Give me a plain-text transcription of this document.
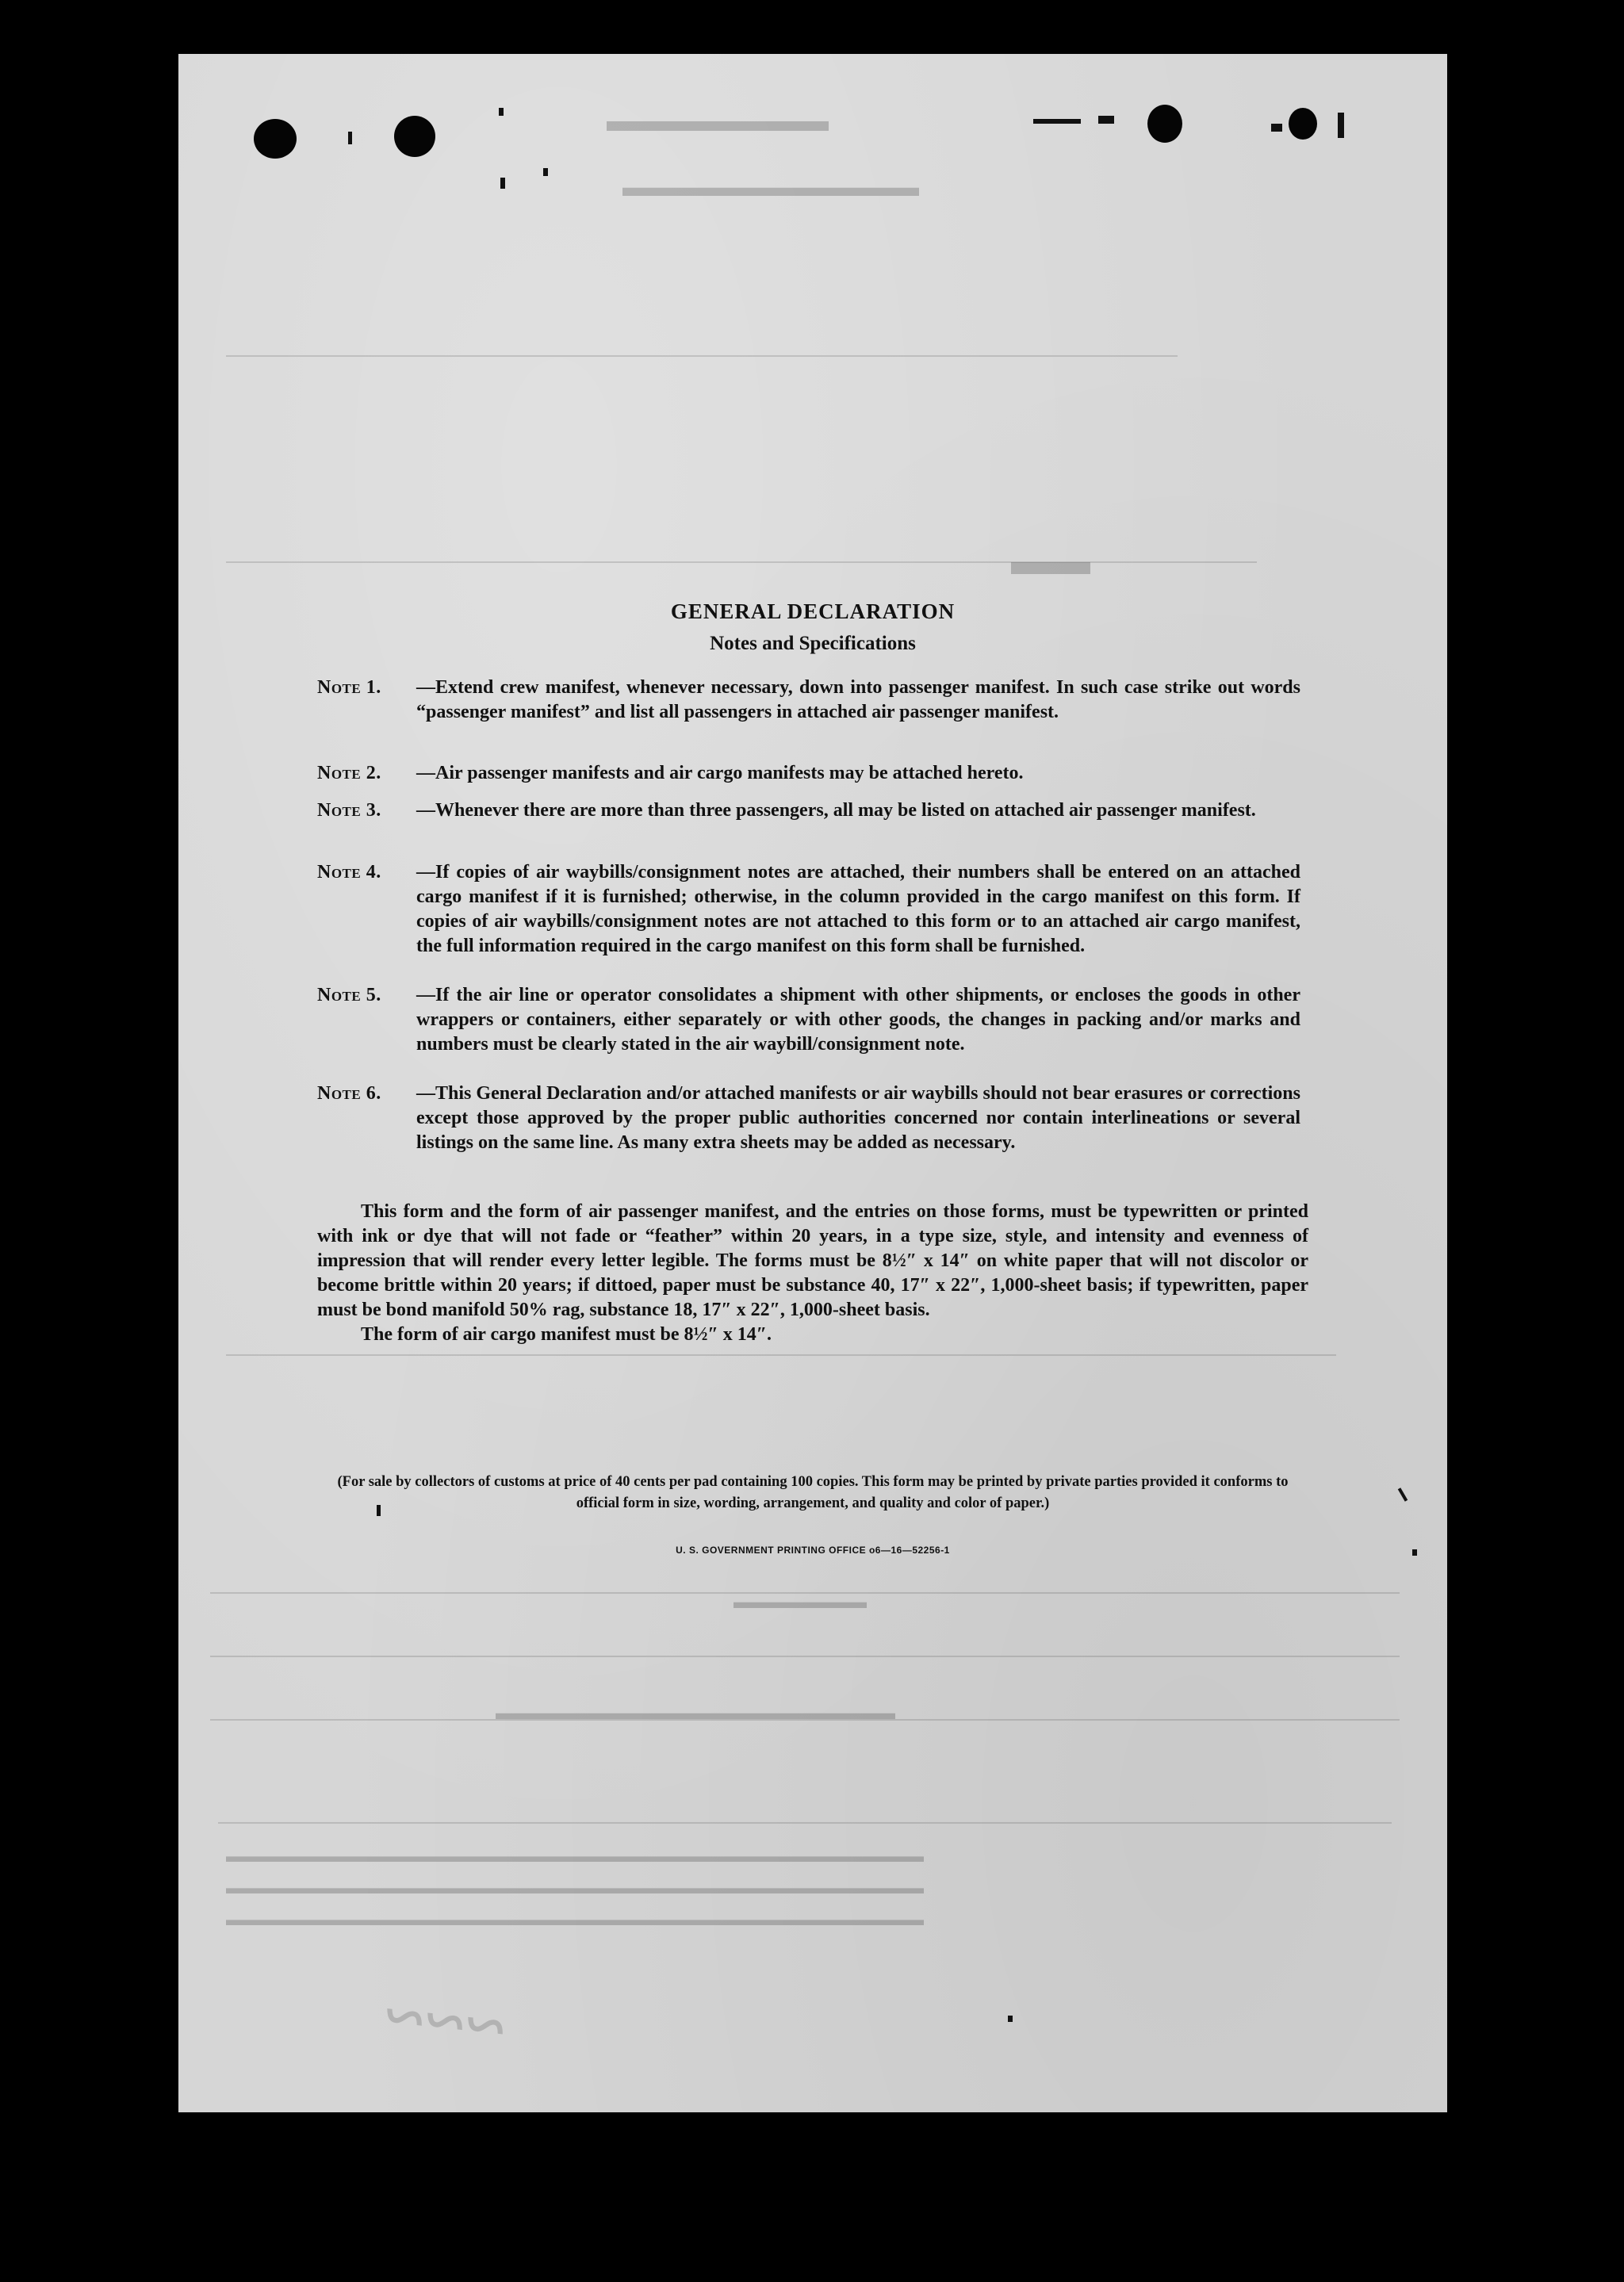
▬▬▬▬▬▬▬
▬▬▬▬▬▬▬▬▬▬▬
▬▬
▬▬▬▬▬▬▬
▬▬▬▬▬▬▬▬▬▬▬▬▬▬▬▬▬▬▬▬▬
▬▬▬▬▬▬▬▬▬▬▬▬▬▬▬▬▬▬▬▬▬▬▬▬▬▬▬▬▬▬▬▬▬▬▬▬▬▬▬▬
▬▬▬▬▬▬▬▬▬▬▬▬▬▬▬▬▬▬▬▬▬▬▬▬▬▬▬▬▬▬▬▬▬▬▬▬▬▬▬▬
▬▬▬▬▬▬▬▬▬▬▬▬▬▬▬▬▬▬▬▬▬▬▬▬▬▬▬▬▬▬▬▬▬▬▬▬▬▬▬▬
~~~
GENERAL DECLARATION
Notes and Specifications
Note 1.	—Extend crew manifest, whenever necessary, down into passenger manifest. In such case strike out words “passenger manifest” and list all passengers in attached air passenger manifest.
Note 2.	—Air passenger manifests and air cargo manifests may be attached hereto.
Note 3.	—Whenever there are more than three passengers, all may be listed on attached air passenger manifest.
Note 4.	—If copies of air waybills/consignment notes are attached, their numbers shall be entered on an attached cargo manifest if it is furnished; otherwise, in the column provided in the cargo manifest on this form. If copies of air waybills/consignment notes are not attached to this form or to an attached air cargo manifest, the full information required in the cargo manifest on this form shall be furnished.
Note 5.	—If the air line or operator consolidates a shipment with other shipments, or encloses the goods in other wrappers or containers, either separately or with other goods, the changes in packing and/or marks and numbers must be clearly stated in the air waybill/consignment note.
Note 6.	—This General Declaration and/or attached manifests or air waybills should not bear erasures or corrections except those approved by the proper public authorities concerned nor contain interlineations or several listings on the same line. As many extra sheets may be added as necessary.
This form and the form of air passenger manifest, and the entries on those forms, must be typewritten or printed with ink or dye that will not fade or “feather” within 20 years, in a type size, style, and intensity and evenness of impression that will render every letter legible. The forms must be 8½″ x 14″ on white paper that will not discolor or become brittle within 20 years; if dittoed, paper must be substance 40, 17″ x 22″, 1,000-sheet basis; if typewritten, paper must be bond manifold 50% rag, substance 18, 17″ x 22″, 1,000-sheet basis.
The form of air cargo manifest must be 8½″ x 14″.
(For sale by collectors of customs at price of 40 cents per pad containing 100 copies. This form may be printed by private parties provided it conforms to official form in size, wording, arrangement, and quality and color of paper.)
U. S. GOVERNMENT PRINTING OFFICE o6—16—52256-1
